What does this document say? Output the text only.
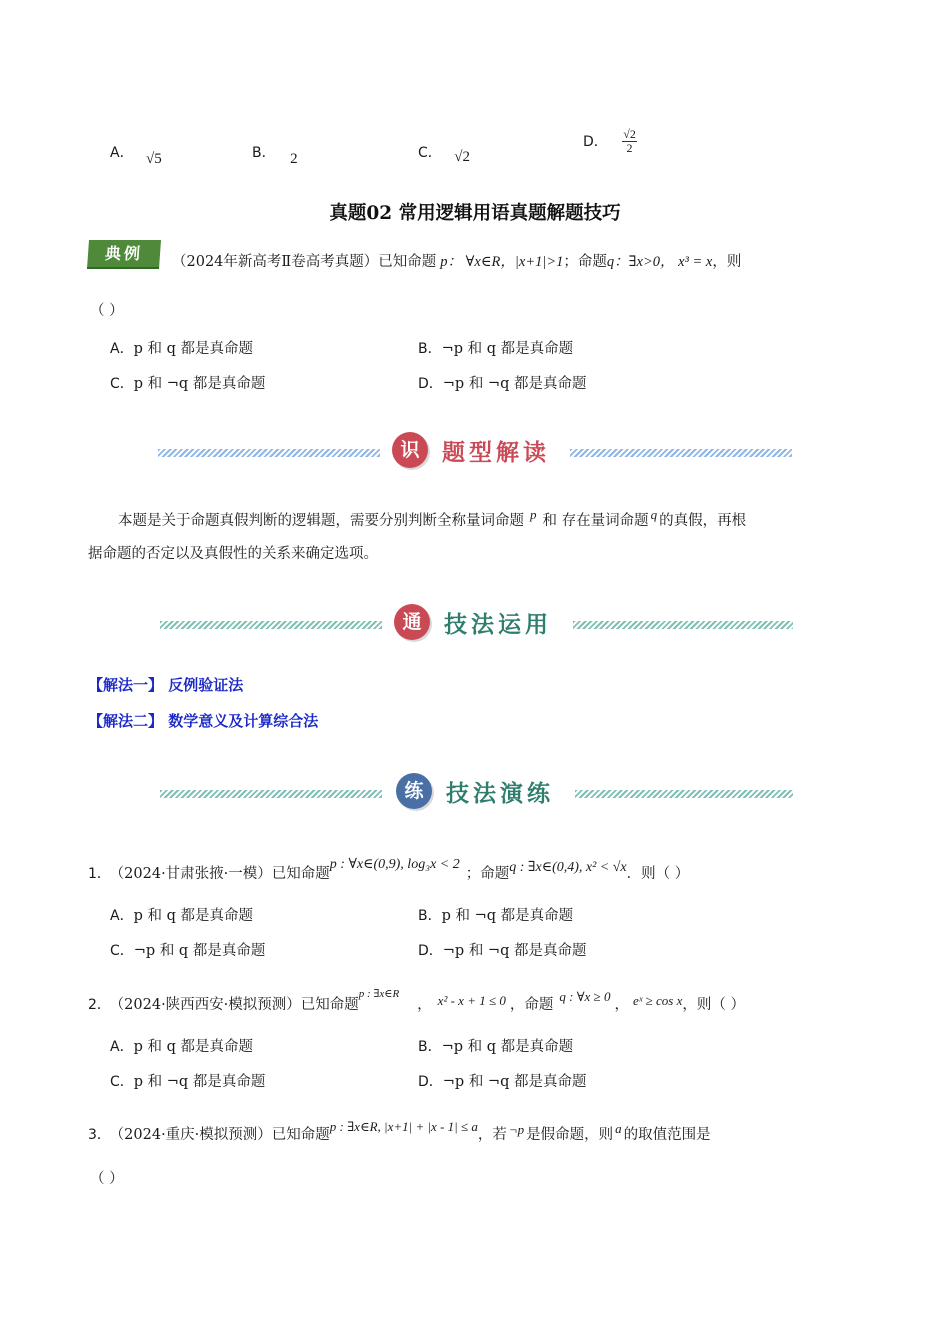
A． √5	B． 2	C． √2
D． $\frac{√2}{2}$
真题02 常用逻辑用语真题解题技巧
典例	（2024年新高考Ⅱ卷高考真题）已知命题 p： ∀x∈R，|x+1|>1；命题q：∃x>0， x³ = x，则
（ ）
A．p 和 q 都是真命题	B．¬p 和 q 都是真命题
C．p 和 ¬q 都是真命题	D．¬p 和 ¬q 都是真命题
识 题型解读
本题是关于命题真假判断的逻辑题，需要分别判断全称量词命题 p 和 存在量词命题 q 的真假，再根
据命题的否定以及真假性的关系来确定选项。
通 技法运用
【解法一】 反例验证法
【解法二】 数学意义及计算综合法
练 技法演练
1． （2024·甘肃张掖·一模）已知命题p : ∀x∈(0,9), log₃x < 2；命题q : ∃x∈(0,4), x² < √x．则（ ）
A．p 和 q 都是真命题	B．p 和 ¬q 都是真命题
C．¬p 和 q 都是真命题	D．¬p 和 ¬q 都是真命题
2． （2024·陕西西安·模拟预测）已知命题$^{p : \exists x\in R}$， x² - x + 1 ≤ 0 ，命题q : ∀x ≥ 0， eˣ ≥ cos x，则（ ）
A．p 和 q 都是真命题	B．¬p 和 q 都是真命题
C．p 和 ¬q 都是真命题	D．¬p 和 ¬q 都是真命题
3． （2024·重庆·模拟预测）已知命题p : ∃x∈R, |x+1| + |x - 1| ≤ a，若 ¬p 是假命题，则 a 的取值范围是
（ ）
